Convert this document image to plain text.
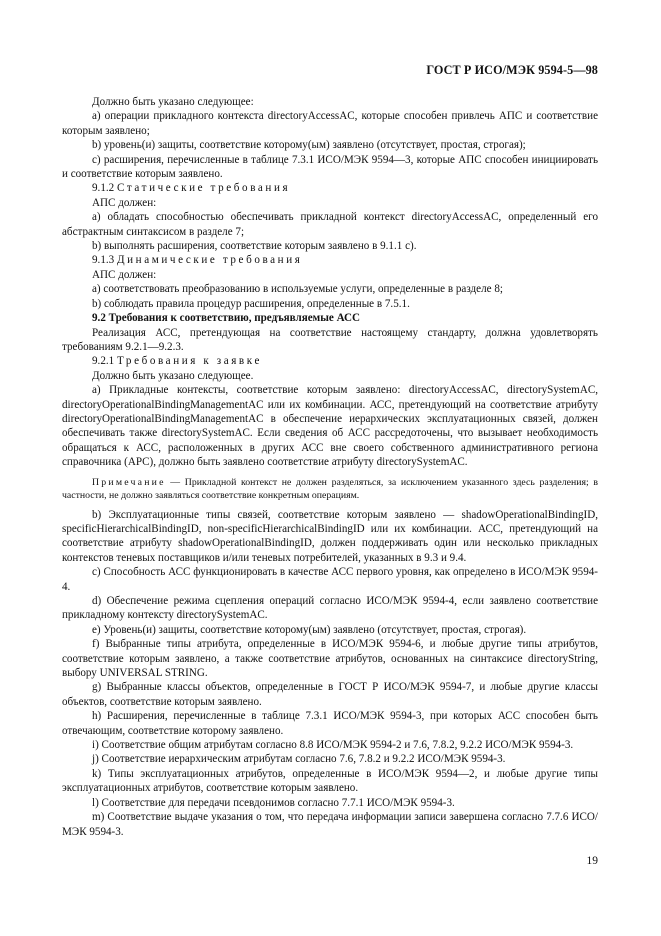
ГОСТ Р ИСО/МЭК 9594-5—98

Должно быть указано следующее:

а) операции прикладного контекста directoryAccessAC, которые способен привлечь АПС и соответствие которым заявлено;

b) уровень(и) защиты, соответствие которому(ым) заявлено (отсутствует, простая, строгая);

с) расширения, перечисленные в таблице 7.3.1 ИСО/МЭК 9594—3, которые АПС способен инициировать и соответствие которым заявлено.

9.1.2 Статические требования

АПС должен:

а) обладать способностью обеспечивать прикладной контекст directoryAccessAC, определенный его абстрактным синтаксисом в разделе 7;

b) выполнять расширения, соответствие которым заявлено в 9.1.1 с).

9.1.3 Динамические требования

АПС должен:

а) соответствовать преобразованию в используемые услуги, определенные в разделе 8;

b) соблюдать правила процедур расширения, определенные в 7.5.1.

9.2 Требования к соответствию, предъявляемые АСС

Реализация АСС, претендующая на соответствие настоящему стандарту, должна удовлетворять требованиям 9.2.1—9.2.3.

9.2.1 Требования к заявке

Должно быть указано следующее.

а) Прикладные контексты, соответствие которым заявлено: directoryAccessAC, directorySystemAC, directoryOperationalBindingManagementAC или их комбинации. АСС, претендующий на соответствие атрибуту directoryOperationalBindingManagementAC в обеспечение иерархических эксплуатационных связей, должен обеспечивать также directorySystemAC. Если сведения об АСС рассредоточены, что вызывает необходимость обращаться к АСС, расположенных в других АСС вне своего собственного административного региона справочника (АРС), должно быть заявлено соответствие атрибуту directorySystemAC.

Примечание — Прикладной контекст не должен разделяться, за исключением указанного здесь разделения; в частности, не должно заявляться соответствие конкретным операциям.

b) Эксплуатационные типы связей, соответствие которым заявлено — shadowOperationalBindingID, specificHierarchicalBindingID, non-specificHierarchicalBindingID или их комбинации. АСС, претендующий на соответствие атрибуту shadowOperationalBindingID, должен поддерживать один или несколько прикладных контекстов теневых поставщиков и/или теневых потребителей, указанных в 9.3 и 9.4.

с) Способность АСС функционировать в качестве АСС первого уровня, как определено в ИСО/МЭК 9594-4.

d) Обеспечение режима сцепления операций согласно ИСО/МЭК 9594-4, если заявлено соответствие прикладному контексту directorySystemAC.

e) Уровень(и) защиты, соответствие которому(ым) заявлено (отсутствует, простая, строгая).

f) Выбранные типы атрибута, определенные в ИСО/МЭК 9594-6, и любые другие типы атрибутов, соответствие которым заявлено, а также соответствие атрибутов, основанных на синтаксисе directoryString, выбору UNIVERSAL STRING.

g) Выбранные классы объектов, определенные в ГОСТ Р ИСО/МЭК 9594-7, и любые другие классы объектов, соответствие которым заявлено.

h) Расширения, перечисленные в таблице 7.3.1 ИСО/МЭК 9594-3, при которых АСС способен быть отвечающим, соответствие которому заявлено.

i) Соответствие общим атрибутам согласно 8.8 ИСО/МЭК 9594-2 и 7.6, 7.8.2, 9.2.2 ИСО/МЭК 9594-3.

j) Соответствие иерархическим атрибутам согласно 7.6, 7.8.2 и 9.2.2 ИСО/МЭК 9594-3.

k) Типы эксплуатационных атрибутов, определенные в ИСО/МЭК 9594—2, и любые другие типы эксплуатационных атрибутов, соответствие которым заявлено.

l) Соответствие для передачи псевдонимов согласно 7.7.1 ИСО/МЭК 9594-3.

m) Соответствие выдаче указания о том, что передача информации записи завершена согласно 7.7.6 ИСО/МЭК 9594-3.

19
